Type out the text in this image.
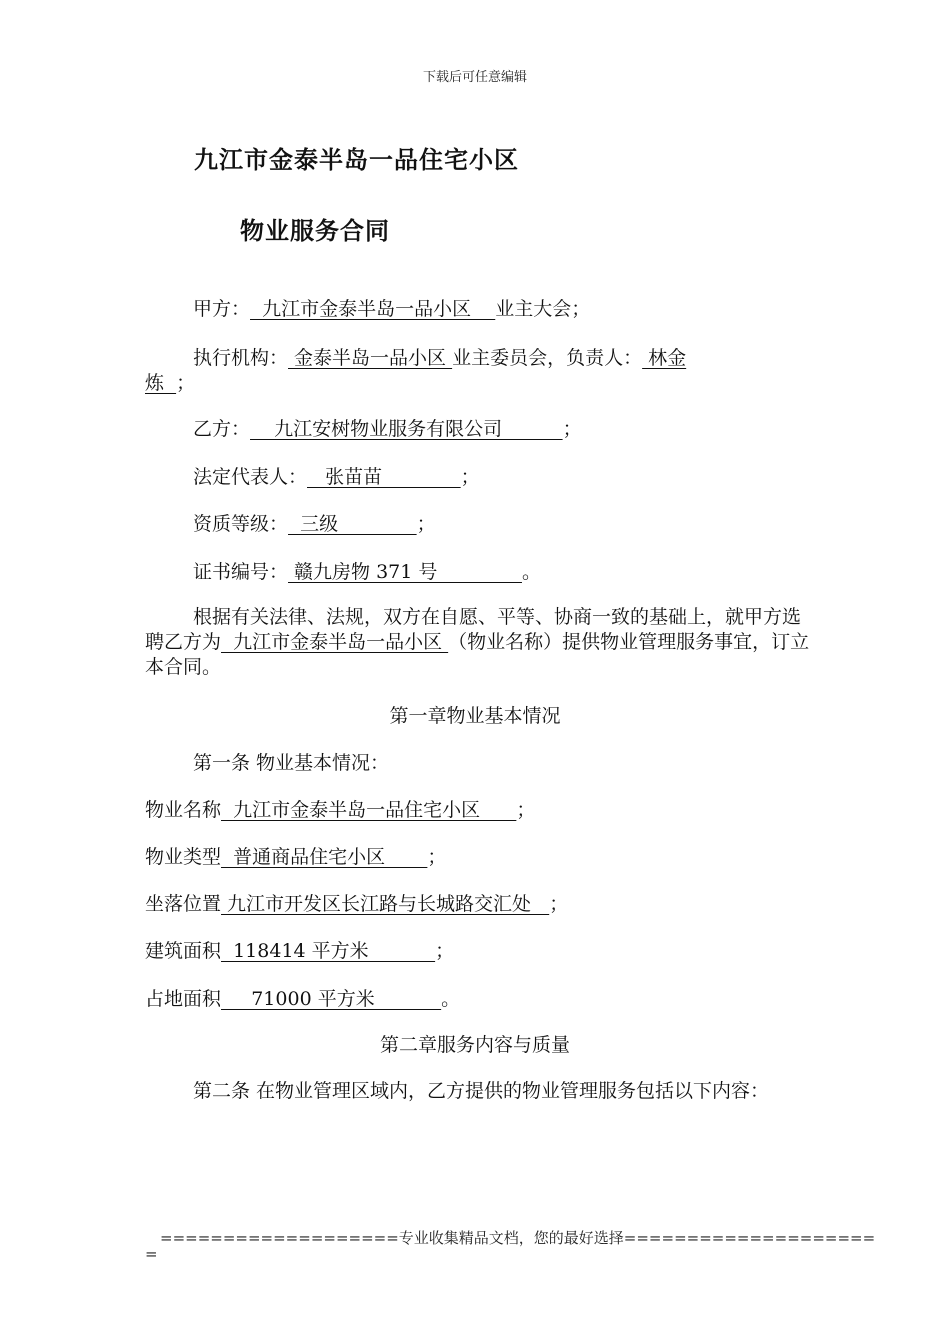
下载后可任意编辑
九江市金泰半岛一品住宅小区
物业服务合同
甲方：  九江市金泰半岛一品小区    业主大会；
执行机构： 金泰半岛一品小区 业主委员会，负责人： 林金
炼  ；
乙方：    九江安树物业服务有限公司          ；
法定代表人：   张苗苗             ；
资质等级：  三级             ；
证书编号： 赣九房物 371 号              。
根据有关法律、法规，双方在自愿、平等、协商一致的基础上，就甲方选聘乙方为  九江市金泰半岛一品小区 （物业名称）提供物业管理服务事宜，订立本合同。
第一章物业基本情况
第一条 物业基本情况：
物业名称  九江市金泰半岛一品住宅小区      ；
物业类型  普通商品住宅小区       ；
坐落位置 九江市开发区长江路与长城路交汇处   ；
建筑面积  118414 平方米           ；
占地面积     71000 平方米           。
第二章服务内容与质量
第二条 在物业管理区域内，乙方提供的物业管理服务包括以下内容：
===================专业收集精品文档，您的最好选择====================
=
